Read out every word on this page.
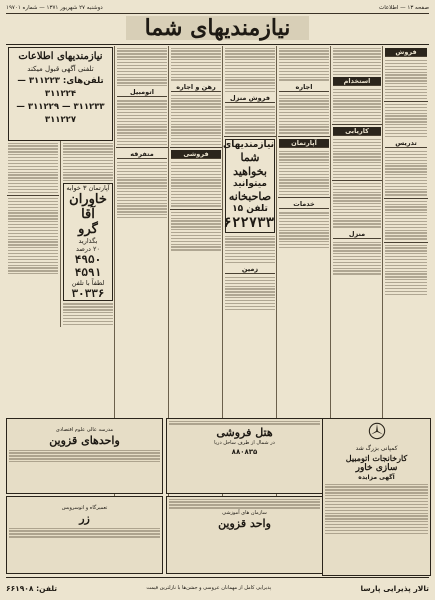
صفحه ۱۳ — اطلاعات
دوشنبه ۲۷ شهریور ۱۳۷۱ — شماره ۱۹۷۰۱
نیازمندیهای شما
فروش
تدریس
استخدام
کاریابی
منزل
اجاره
آپارتمان
خدمات
فروش منزل
نیازمندیهای
شما
بخواهید
میتوانید
صاحبخانه
تلفن ۱۵
۶۲۲۷۳۳
زمین
رهن و اجاره
فروشی
اتومبیل
متفرقه
نیازمندیهای اطلاعات
تلفنی آگهی قبول میکند
تلفن‌های: ۳۱۱۲۲۳ — ۳۱۱۲۲۴
۳۱۱۲۳۳ — ۳۱۱۲۲۹ — ۳۱۱۲۲۷
آپارتمان ۳ خوابه
خاوران آقا
گرو
بگذارید
۲۰ درصد
۴۹۵۰
۴۵۹۱
لطفاً با تلفن
۳۰۳۳۶
مدرسه عالی علوم اقتصادی
واحدهای قزوین
هتل فروشی
در شمال از طرف ساحل دریا
۸۸۰۸۳۵
تعمیرگاه و اتوسرویس
زر	سازمان های آموزشی
واحد قزوین
کمپانی بزرگ شد
کارخانجات اتومبیل
سازی خاور
آگهی مزایده
تالار پذیرایی پارسا
پذیرایی کامل از مهمانان عروسی و جشن‌ها با نازلترین قیمت
تلفن: ۶۶۱۹۰۸
